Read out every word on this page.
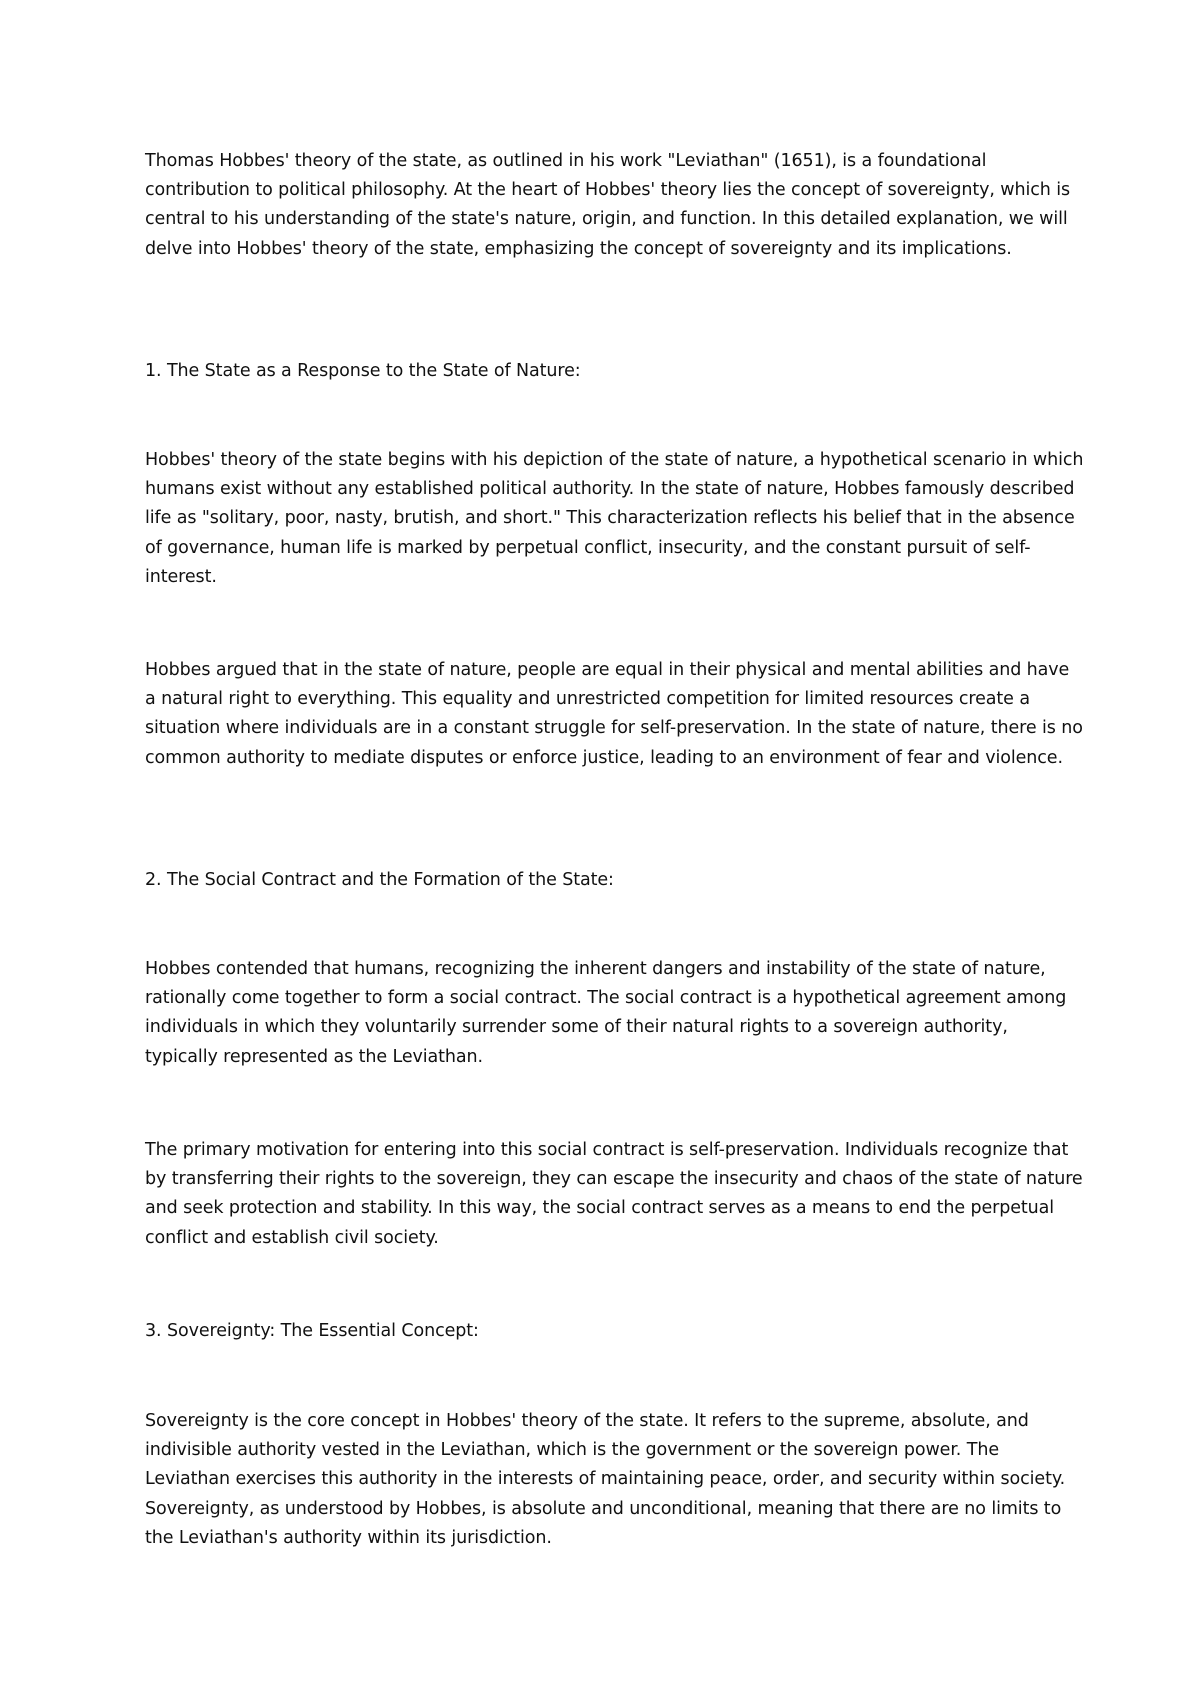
Thomas Hobbes' theory of the state, as outlined in his work "Leviathan" (1651), is a foundational contribution to political philosophy. At the heart of Hobbes' theory lies the concept of sovereignty, which is central to his understanding of the state's nature, origin, and function. In this detailed explanation, we will delve into Hobbes' theory of the state, emphasizing the concept of sovereignty and its implications.

1. The State as a Response to the State of Nature:

Hobbes' theory of the state begins with his depiction of the state of nature, a hypothetical scenario in which humans exist without any established political authority. In the state of nature, Hobbes famously described life as "solitary, poor, nasty, brutish, and short." This characterization reflects his belief that in the absence of governance, human life is marked by perpetual conflict, insecurity, and the constant pursuit of self-interest.

Hobbes argued that in the state of nature, people are equal in their physical and mental abilities and have a natural right to everything. This equality and unrestricted competition for limited resources create a situation where individuals are in a constant struggle for self-preservation. In the state of nature, there is no common authority to mediate disputes or enforce justice, leading to an environment of fear and violence.

2. The Social Contract and the Formation of the State:

Hobbes contended that humans, recognizing the inherent dangers and instability of the state of nature, rationally come together to form a social contract. The social contract is a hypothetical agreement among individuals in which they voluntarily surrender some of their natural rights to a sovereign authority, typically represented as the Leviathan.

The primary motivation for entering into this social contract is self-preservation. Individuals recognize that by transferring their rights to the sovereign, they can escape the insecurity and chaos of the state of nature and seek protection and stability. In this way, the social contract serves as a means to end the perpetual conflict and establish civil society.

3. Sovereignty: The Essential Concept:

Sovereignty is the core concept in Hobbes' theory of the state. It refers to the supreme, absolute, and indivisible authority vested in the Leviathan, which is the government or the sovereign power. The Leviathan exercises this authority in the interests of maintaining peace, order, and security within society. Sovereignty, as understood by Hobbes, is absolute and unconditional, meaning that there are no limits to the Leviathan's authority within its jurisdiction.
